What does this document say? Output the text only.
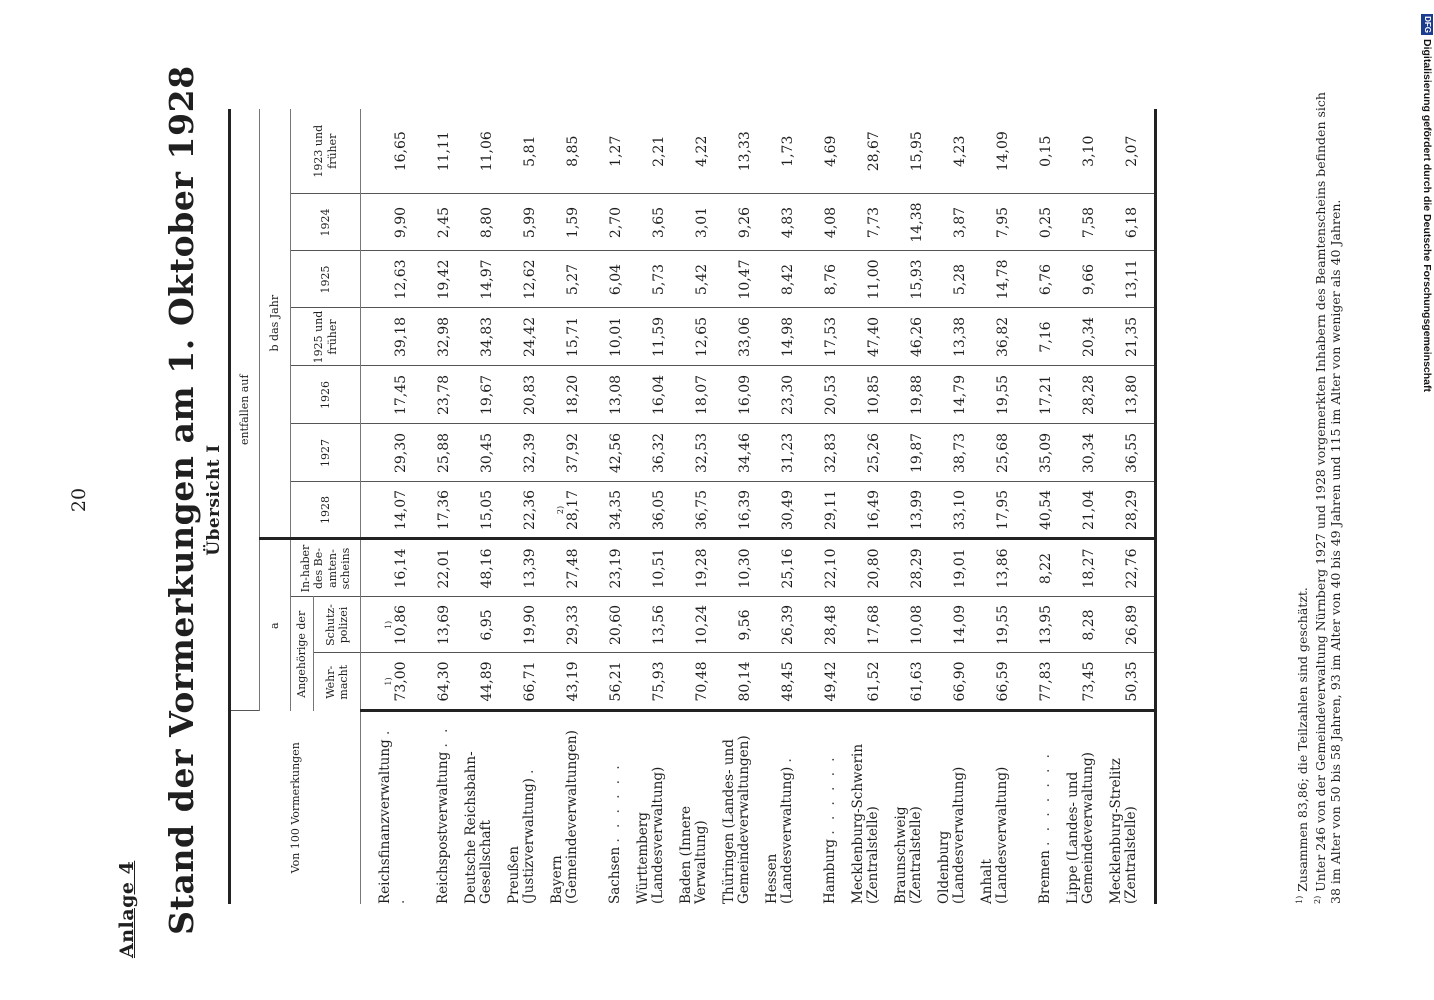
20
Anlage 4 Stand der Vormerkungen am 1. Oktober 1928 Übersicht I
Von 100 Vormerkungen	entfallen auf									
	a			b das Jahr						
	Angehörige der		In-haber des Be-amten-scheins	1928	1927	1926	1925 und früher	1925	1924	1923 und früher
	Wehr-macht	Schutz-polizei								
Reichsfinanzverwaltung . .	1) 73,00	1) 10,86	16,14	14,07	29,30	17,45	39,18	12,63	9,90	16,65
Reichspostverwaltung . .	64,30	13,69	22,01	17,36	25,88	23,78	32,98	19,42	2,45	11,11
Deutsche Reichsbahn-Gesellschaft	44,89	6,95	48,16	15,05	30,45	19,67	34,83	14,97	8,80	11,06
Preußen (Justizverwaltung) .	66,71	19,90	13,39	22,36	32,39	20,83	24,42	12,62	5,99	5,81
Bayern (Gemeindeverwaltungen)	43,19	29,33	27,48	2) 28,17	37,92	18,20	15,71	5,27	1,59	8,85
Sachsen . . . . . .	56,21	20,60	23,19	34,35	42,56	13,08	10,01	6,04	2,70	1,27
Württemberg (Landesverwaltung)	75,93	13,56	10,51	36,05	36,32	16,04	11,59	5,73	3,65	2,21
Baden (Innere Verwaltung)	70,48	10,24	19,28	36,75	32,53	18,07	12,65	5,42	3,01	4,22
Thüringen (Landes- und Gemeindeverwaltungen)	80,14	9,56	10,30	16,39	34,46	16,09	33,06	10,47	9,26	13,33
Hessen (Landesverwaltung) .	48,45	26,39	25,16	30,49	31,23	23,30	14,98	8,42	4,83	1,73
Hamburg . . . . . .	49,42	28,48	22,10	29,11	32,83	20,53	17,53	8,76	4,08	4,69
Mecklenburg-Schwerin (Zentralstelle)	61,52	17,68	20,80	16,49	25,26	10,85	47,40	11,00	7,73	28,67
Braunschweig (Zentralstelle)	61,63	10,08	28,29	13,99	19,87	19,88	46,26	15,93	14,38	15,95
Oldenburg (Landesverwaltung)	66,90	14,09	19,01	33,10	38,73	14,79	13,38	5,28	3,87	4,23
Anhalt (Landesverwaltung)	66,59	19,55	13,86	17,95	25,68	19,55	36,82	14,78	7,95	14,09
Bremen . . . . . . .	77,83	13,95	8,22	40,54	35,09	17,21	7,16	6,76	0,25	0,15
Lippe (Landes- und Gemeindeverwaltung)	73,45	8,28	18,27	21,04	30,34	28,28	20,34	9,66	7,58	3,10
Mecklenburg-Strelitz (Zentralstelle)	50,35	26,89	22,76	28,29	36,55	13,80	21,35	13,11	6,18	2,07

$^{1)}$ Zusammen 83,86; die Teilzahlen sind geschätzt.

$^{2)}$ Unter 246 von der Gemeindeverwaltung Nürnberg 1927 und 1928 vorgemerkten Inhabern des Beamtenscheins befinden sich 38 im Alter von 50 bis 58 Jahren, 93 im Alter von 40 bis 49 Jahren und 115 im Alter von weniger als 40 Jahren.

DFGDigitalisierung gefördert durch die Deutsche Forschungsgemeinschaft
